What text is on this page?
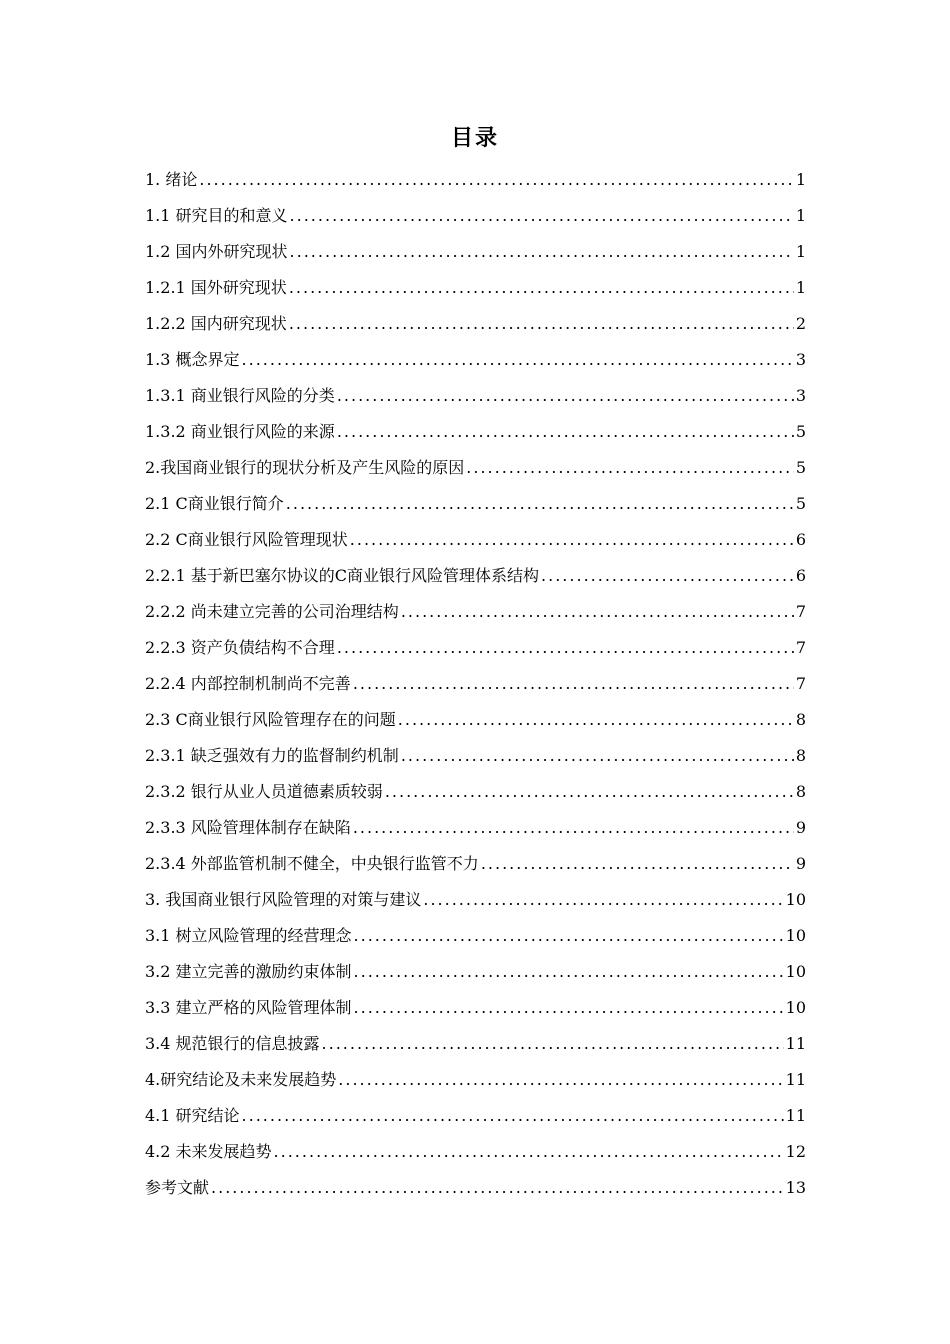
目录
1. 绪论 .....	1
1.1 研究目的和意义 .....	1
1.2 国内外研究现状 .....	1
1.2.1 国外研究现状 .....	1
1.2.2 国内研究现状 .....	2
1.3 概念界定 .....	3
1.3.1 商业银行风险的分类 .....	3
1.3.2 商业银行风险的来源 .....	5
2.我国商业银行的现状分析及产生风险的原因 .....	5
2.1 C商业银行简介 .....	5
2.2 C商业银行风险管理现状 .....	6
2.2.1 基于新巴塞尔协议的C商业银行风险管理体系结构 .....	6
2.2.2 尚未建立完善的公司治理结构 .....	7
2.2.3 资产负债结构不合理 .....	7
2.2.4 内部控制机制尚不完善 .....	7
2.3 C商业银行风险管理存在的问题 .....	8
2.3.1 缺乏强效有力的监督制约机制 .....	8
2.3.2 银行从业人员道德素质较弱 .....	8
2.3.3 风险管理体制存在缺陷 .....	9
2.3.4 外部监管机制不健全，中央银行监管不力 .....	9
3. 我国商业银行风险管理的对策与建议 .....	10
3.1 树立风险管理的经营理念 .....	10
3.2 建立完善的激励约束体制 .....	10
3.3 建立严格的风险管理体制 .....	10
3.4 规范银行的信息披露 .....	11
4.研究结论及未来发展趋势 .....	11
4.1 研究结论 .....	11
4.2 未来发展趋势 .....	12
参考文献 .....	13
